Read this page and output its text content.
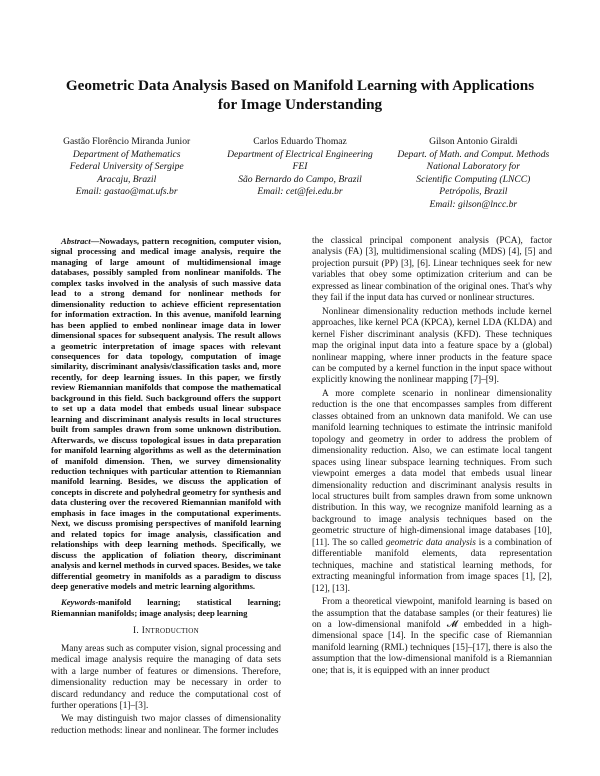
Geometric Data Analysis Based on Manifold Learning with Applications for Image Understanding
Gastão Florêncio Miranda Junior
Department of Mathematics
Federal University of Sergipe
Aracaju, Brazil
Email: gastao@mat.ufs.br
Carlos Eduardo Thomaz
Department of Electrical Engineering
FEI
São Bernardo do Campo, Brazil
Email: cet@fei.edu.br
Gilson Antonio Giraldi
Depart. of Math. and Comput. Methods
National Laboratory for
Scientific Computing (LNCC)
Petrópolis, Brazil
Email: gilson@lncc.br

Abstract—Nowadays, pattern recognition, computer vision, signal processing and medical image analysis, require the managing of large amount of multidimensional image databases, possibly sampled from nonlinear manifolds. The complex tasks involved in the analysis of such massive data lead to a strong demand for nonlinear methods for dimensionality reduction to achieve efficient representation for information extraction. In this avenue, manifold learning has been applied to embed nonlinear image data in lower dimensional spaces for subsequent analysis. The result allows a geometric interpretation of image spaces with relevant consequences for data topology, computation of image similarity, discriminant analysis/classification tasks and, more recently, for deep learning issues. In this paper, we firstly review Riemannian manifolds that compose the mathematical background in this field. Such background offers the support to set up a data model that embeds usual linear subspace learning and discriminant analysis results in local structures built from samples drawn from some unknown distribution. Afterwards, we discuss topological issues in data preparation for manifold learning algorithms as well as the determination of manifold dimension. Then, we survey dimensionality reduction techniques with particular attention to Riemannian manifold learning. Besides, we discuss the application of concepts in discrete and polyhedral geometry for synthesis and data clustering over the recovered Riemannian manifold with emphasis in face images in the computational experiments. Next, we discuss promising perspectives of manifold learning and related topics for image analysis, classification and relationships with deep learning methods. Specifically, we discuss the application of foliation theory, discriminant analysis and kernel methods in curved spaces. Besides, we take differential geometry in manifolds as a paradigm to discuss deep generative models and metric learning algorithms.

Keywords-manifold learning; statistical learning; Riemannian manifolds; image analysis; deep learning

I. Introduction

Many areas such as computer vision, signal processing and medical image analysis require the managing of data sets with a large number of features or dimensions. Therefore, dimensionality reduction may be necessary in order to discard redundancy and reduce the computational cost of further operations [1]–[3].

We may distinguish two major classes of dimensionality reduction methods: linear and nonlinear. The former includes

the classical principal component analysis (PCA), factor analysis (FA) [3], multidimensional scaling (MDS) [4], [5] and projection pursuit (PP) [3], [6]. Linear techniques seek for new variables that obey some optimization criterium and can be expressed as linear combination of the original ones. That's why they fail if the input data has curved or nonlinear structures.

Nonlinear dimensionality reduction methods include kernel approaches, like kernel PCA (KPCA), kernel LDA (KLDA) and kernel Fisher discriminant analysis (KFD). These techniques map the original input data into a feature space by a (global) nonlinear mapping, where inner products in the feature space can be computed by a kernel function in the input space without explicitly knowing the nonlinear mapping [7]–[9].

A more complete scenario in nonlinear dimensionality reduction is the one that encompasses samples from different classes obtained from an unknown data manifold. We can use manifold learning techniques to estimate the intrinsic manifold topology and geometry in order to address the problem of dimensionality reduction. Also, we can estimate local tangent spaces using linear subspace learning techniques. From such viewpoint emerges a data model that embeds usual linear dimensionality reduction and discriminant analysis results in local structures built from samples drawn from some unknown distribution. In this way, we recognize manifold learning as a background to image analysis techniques based on the geometric structure of high-dimensional image databases [10], [11]. The so called geometric data analysis is a combination of differentiable manifold elements, data representation techniques, machine and statistical learning methods, for extracting meaningful information from image spaces [1], [2], [12], [13].

From a theoretical viewpoint, manifold learning is based on the assumption that the database samples (or their features) lie on a low-dimensional manifold 𝓜 embedded in a high-dimensional space [14]. In the specific case of Riemannian manifold learning (RML) techniques [15]–[17], there is also the assumption that the low-dimensional manifold is a Riemannian one; that is, it is equipped with an inner product
